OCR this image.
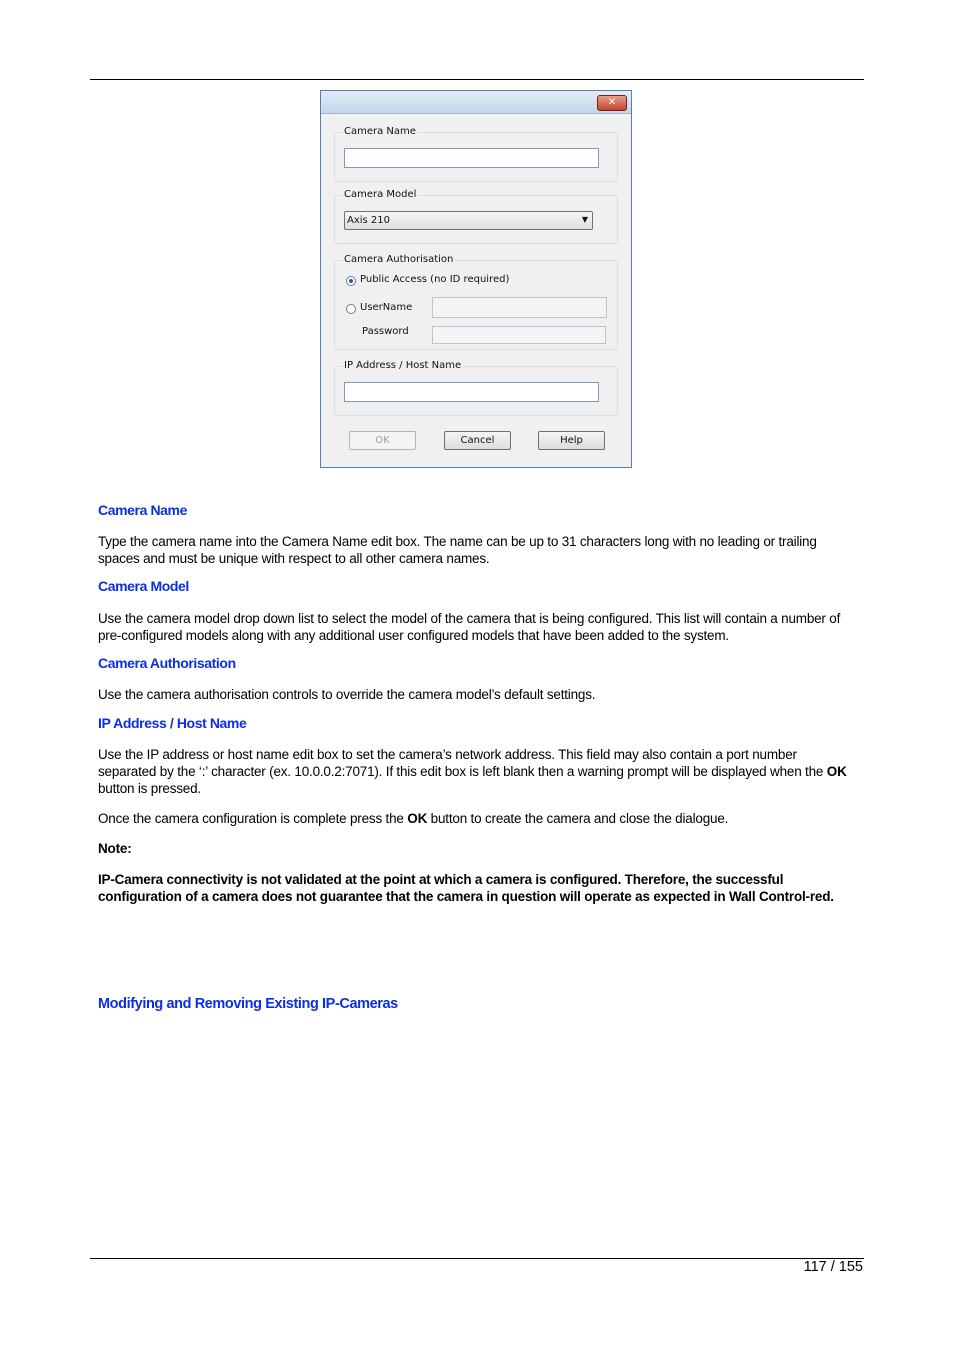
✕
Camera Name
Camera Model
Axis 210	▼
Camera Authorisation
Public Access (no ID required)
UserName
Password
IP Address / Host Name
OK	Cancel	Help
Camera Name
Type the camera name into the Camera Name edit box. The name can be up to 31 characters long with no leading or trailing spaces and must be unique with respect to all other camera names.
Camera Model
Use the camera model drop down list to select the model of the camera that is being configured. This list will contain a number of pre-configured models along with any additional user configured models that have been added to the system.
Camera Authorisation
Use the camera authorisation controls to override the camera model’s default settings.
IP Address / Host Name
Use the IP address or host name edit box to set the camera’s network address. This field may also contain a port number separated by the ‘:’ character (ex. 10.0.0.2:7071). If this edit box is left blank then a warning prompt will be displayed when the OK button is pressed.
Once the camera configuration is complete press the OK button to create the camera and close the dialogue.
Note:
IP-Camera connectivity is not validated at the point at which a camera is configured. Therefore, the successful configuration of a camera does not guarantee that the camera in question will operate as expected in Wall Control-red.
Modifying and Removing Existing IP-Cameras
117 / 155
